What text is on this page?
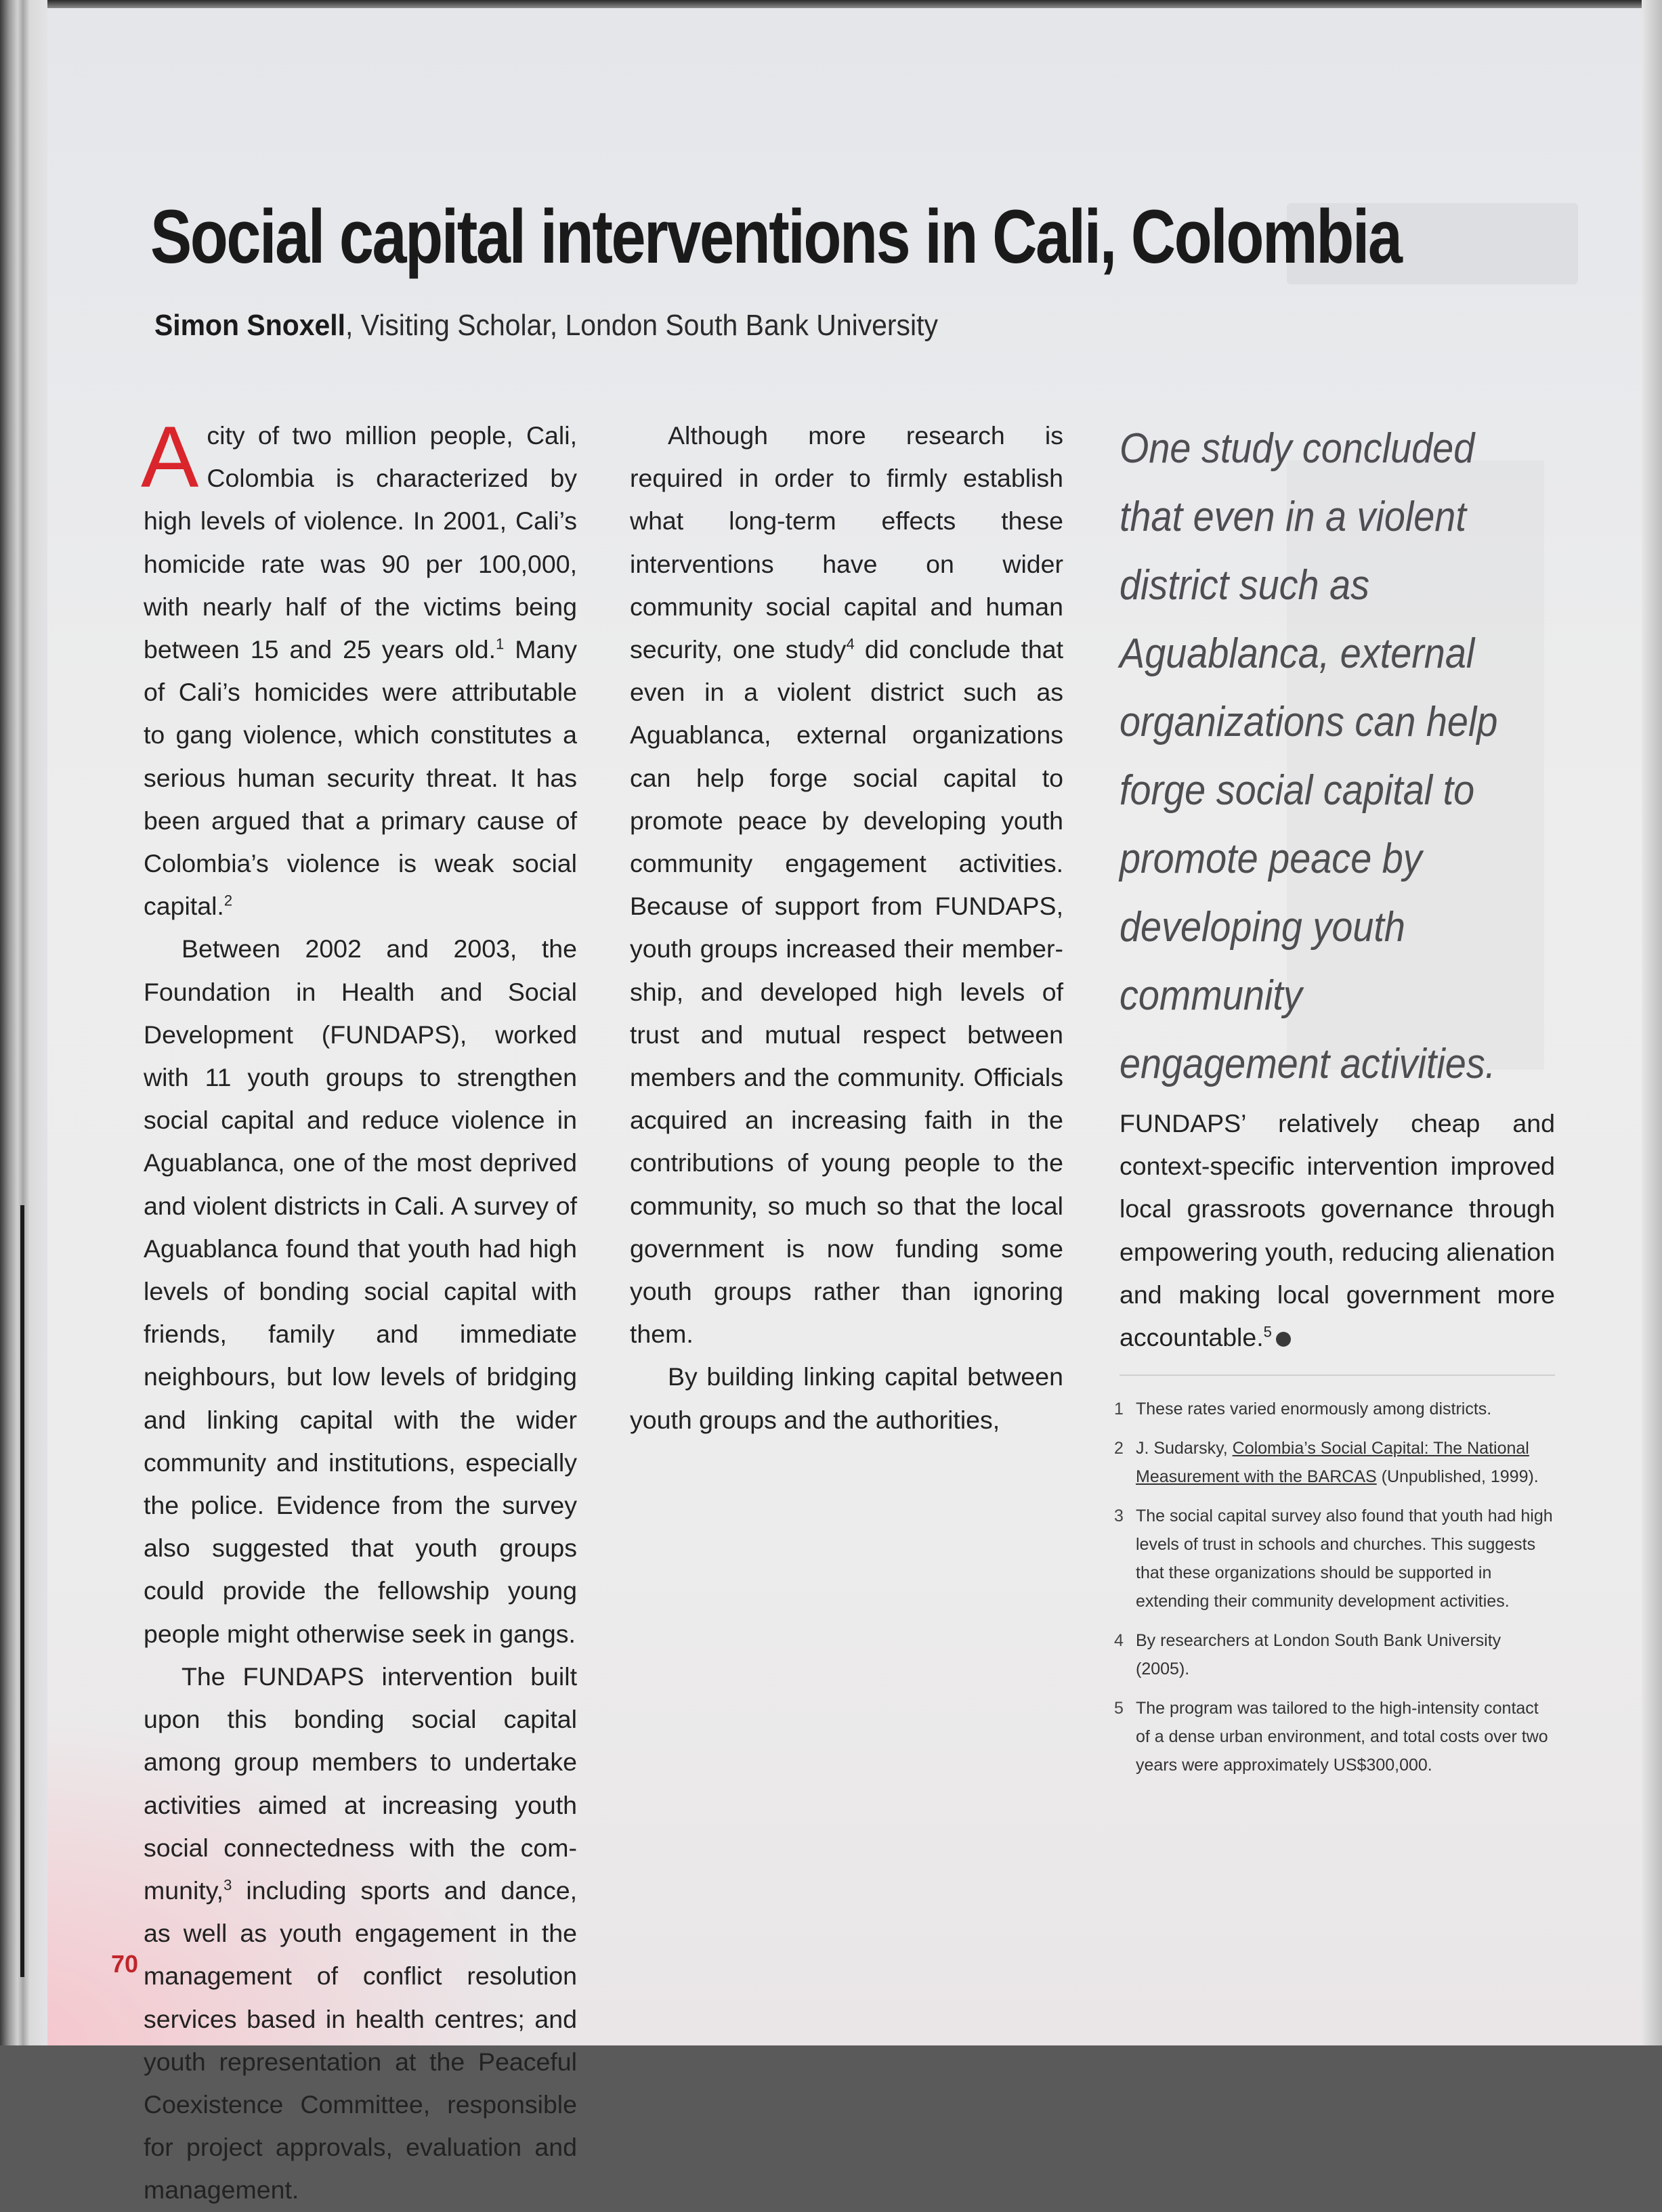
Social capital interventions in Cali, Colombia
Simon Snoxell, Visiting Scholar, London South Bank University

A city of two million people, Cali, Colombia is characterized by high levels of violence. In 2001, Cali’s homicide rate was 90 per 100,000, with nearly half of the victims being between 15 and 25 years old.$^1$ Many of Cali’s homicides were attributable to gang violence, which constitutes a serious human security threat. It has been argued that a primary cause of Colombia’s violence is weak social capital.$^2$

Between 2002 and 2003, the Foundation in Health and Social Development (FUNDAPS), worked with 11 youth groups to strengthen social capital and reduce violence in Aguablanca, one of the most deprived and violent districts in Cali. A survey of Aguablanca found that youth had high levels of bonding social capital with friends, family and immediate neighbours, but low levels of bridging and linking capital with the wider community and institutions, especially the police. Evidence from the survey also suggested that youth groups could provide the fellowship young people might otherwise seek in gangs.

The FUNDAPS intervention built upon this bonding social capital among group members to undertake activities aimed at increasing youth social connectedness with the community,$^3$ including sports and dance, as well as youth engagement in the management of conflict resolution services based in health centres; and youth representation at the Peaceful Coexistence Committee, responsible for project approvals, evaluation and management.

Although more research is required in order to firmly establish what long-term effects these interventions have on wider community social capital and human security, one study$^4$ did conclude that even in a violent district such as Aguablanca, external organizations can help forge social capital to promote peace by developing youth community engagement activities. Because of support from FUNDAPS, youth groups increased their membership, and developed high levels of trust and mutual respect between members and the community. Officials acquired an increasing faith in the contributions of young people to the community, so much so that the local government is now funding some youth groups rather than ignoring them.

By building linking capital between youth groups and the authorities,

One study concluded that even in a violent district such as Aguablanca, external organizations can help forge social capital to promote peace by developing youth community engagement activities.

FUNDAPS’ relatively cheap and context-specific intervention improved local grassroots governance through empowering youth, reducing alienation and making local government more accountable.$^5$

1 These rates varied enormously among districts.
2 J. Sudarsky, Colombia’s Social Capital: The National Measurement with the BARCAS (Unpublished, 1999).
3 The social capital survey also found that youth had high levels of trust in schools and churches. This suggests that these organizations should be supported in extending their community development activities.
4 By researchers at London South Bank University (2005).
5 The program was tailored to the high-intensity contact of a dense urban environment, and total costs over two years were approximately US$300,000.
70
